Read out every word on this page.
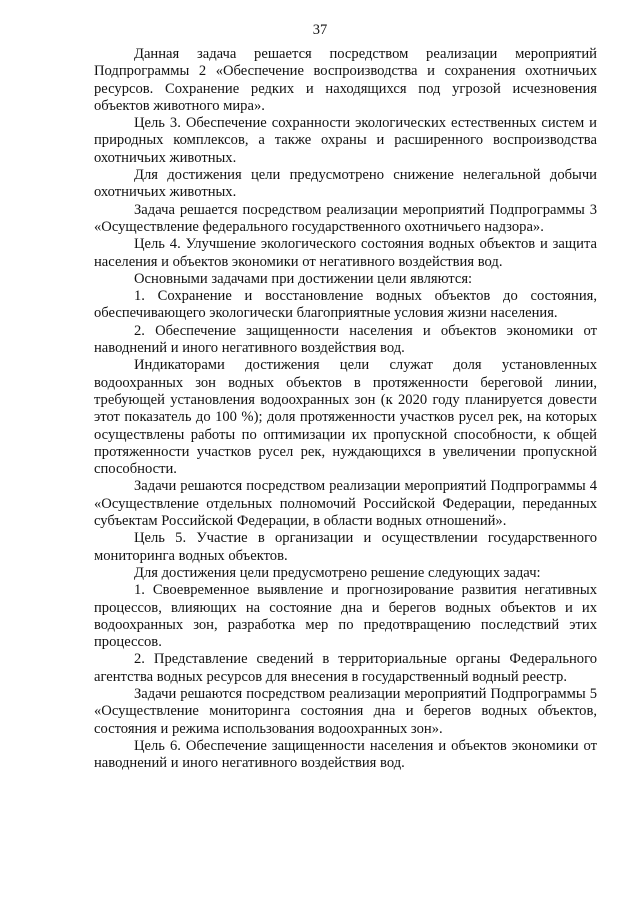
37

Данная задача решается посредством реализации мероприятий Подпрограммы 2 «Обеспечение воспроизводства и сохранения охотничьих ресурсов. Сохранение редких и находящихся под угрозой исчезновения объектов животного мира».

Цель 3. Обеспечение сохранности экологических естественных систем и природных комплексов, а также охраны и расширенного воспроизводства охотничьих животных.

Для достижения цели предусмотрено снижение нелегальной добычи охотничьих животных.

Задача решается посредством реализации мероприятий Подпрограммы 3 «Осуществление федерального государственного охотничьего надзора».

Цель 4. Улучшение экологического состояния водных объектов и защита населения и объектов экономики от негативного воздействия вод.

Основными задачами при достижении цели являются:

1. Сохранение и восстановление водных объектов до состояния, обеспечивающего экологически благоприятные условия жизни населения.

2. Обеспечение защищенности населения и объектов экономики от наводнений и иного негативного воздействия вод.

Индикаторами достижения цели служат доля установленных водоохранных зон водных объектов в протяженности береговой линии, требующей установления водоохранных зон (к 2020 году планируется довести этот показатель до 100 %); доля протяженности участков русел рек, на которых осуществлены работы по оптимизации их пропускной способности, к общей протяженности участков русел рек, нуждающихся в увеличении пропускной способности.

Задачи решаются посредством реализации мероприятий Подпрограммы 4 «Осуществление отдельных полномочий Российской Федерации, переданных субъектам Российской Федерации, в области водных отношений».

Цель 5. Участие в организации и осуществлении государственного мониторинга водных объектов.

Для достижения цели предусмотрено решение следующих задач:

1. Своевременное выявление и прогнозирование развития негативных процессов, влияющих на состояние дна и берегов водных объектов и их водоохранных зон, разработка мер по предотвращению последствий этих процессов.

2. Представление сведений в территориальные органы Федерального агентства водных ресурсов для внесения в государственный водный реестр.

Задачи решаются посредством реализации мероприятий Подпрограммы 5 «Осуществление мониторинга состояния дна и берегов водных объектов, состояния и режима использования водоохранных зон».

Цель 6. Обеспечение защищенности населения и объектов экономики от наводнений и иного негативного воздействия вод.
